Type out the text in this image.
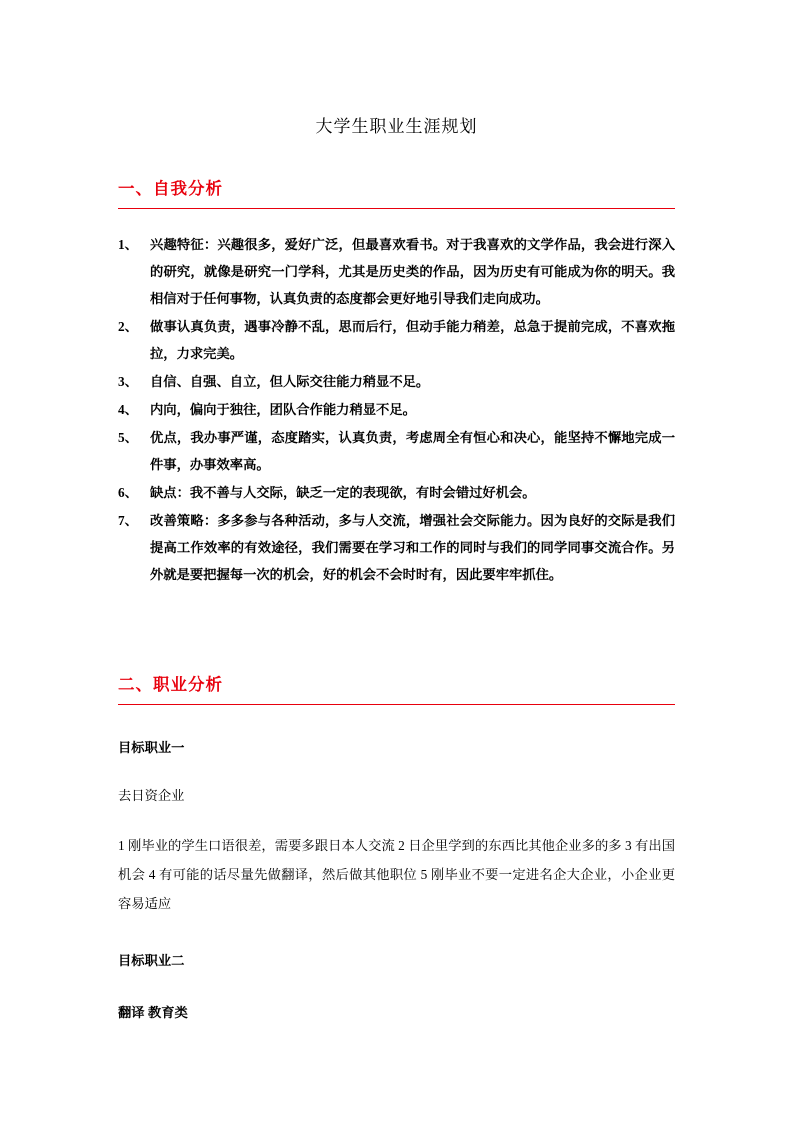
大学生职业生涯规划
一、自我分析
1、 兴趣特征：兴趣很多，爱好广泛，但最喜欢看书。对于我喜欢的文学作品，我会进行深入的研究，就像是研究一门学科，尤其是历史类的作品，因为历史有可能成为你的明天。我相信对于任何事物，认真负责的态度都会更好地引导我们走向成功。
2、 做事认真负责，遇事冷静不乱，思而后行，但动手能力稍差，总急于提前完成，不喜欢拖拉，力求完美。
3、 自信、自强、自立，但人际交往能力稍显不足。
4、 内向，偏向于独往，团队合作能力稍显不足。
5、 优点，我办事严谨，态度踏实，认真负责，考虑周全有恒心和决心，能坚持不懈地完成一件事，办事效率高。
6、 缺点：我不善与人交际，缺乏一定的表现欲，有时会错过好机会。
7、 改善策略：多多参与各种活动，多与人交流，增强社会交际能力。因为良好的交际是我们提高工作效率的有效途径，我们需要在学习和工作的同时与我们的同学同事交流合作。另外就是要把握每一次的机会，好的机会不会时时有，因此要牢牢抓住。
二、职业分析
目标职业一
去日资企业
1 刚毕业的学生口语很差，需要多跟日本人交流 2 日企里学到的东西比其他企业多的多 3 有出国机会 4 有可能的话尽量先做翻译，然后做其他职位 5 刚毕业不要一定进名企大企业，小企业更容易适应
目标职业二
翻译 教育类
